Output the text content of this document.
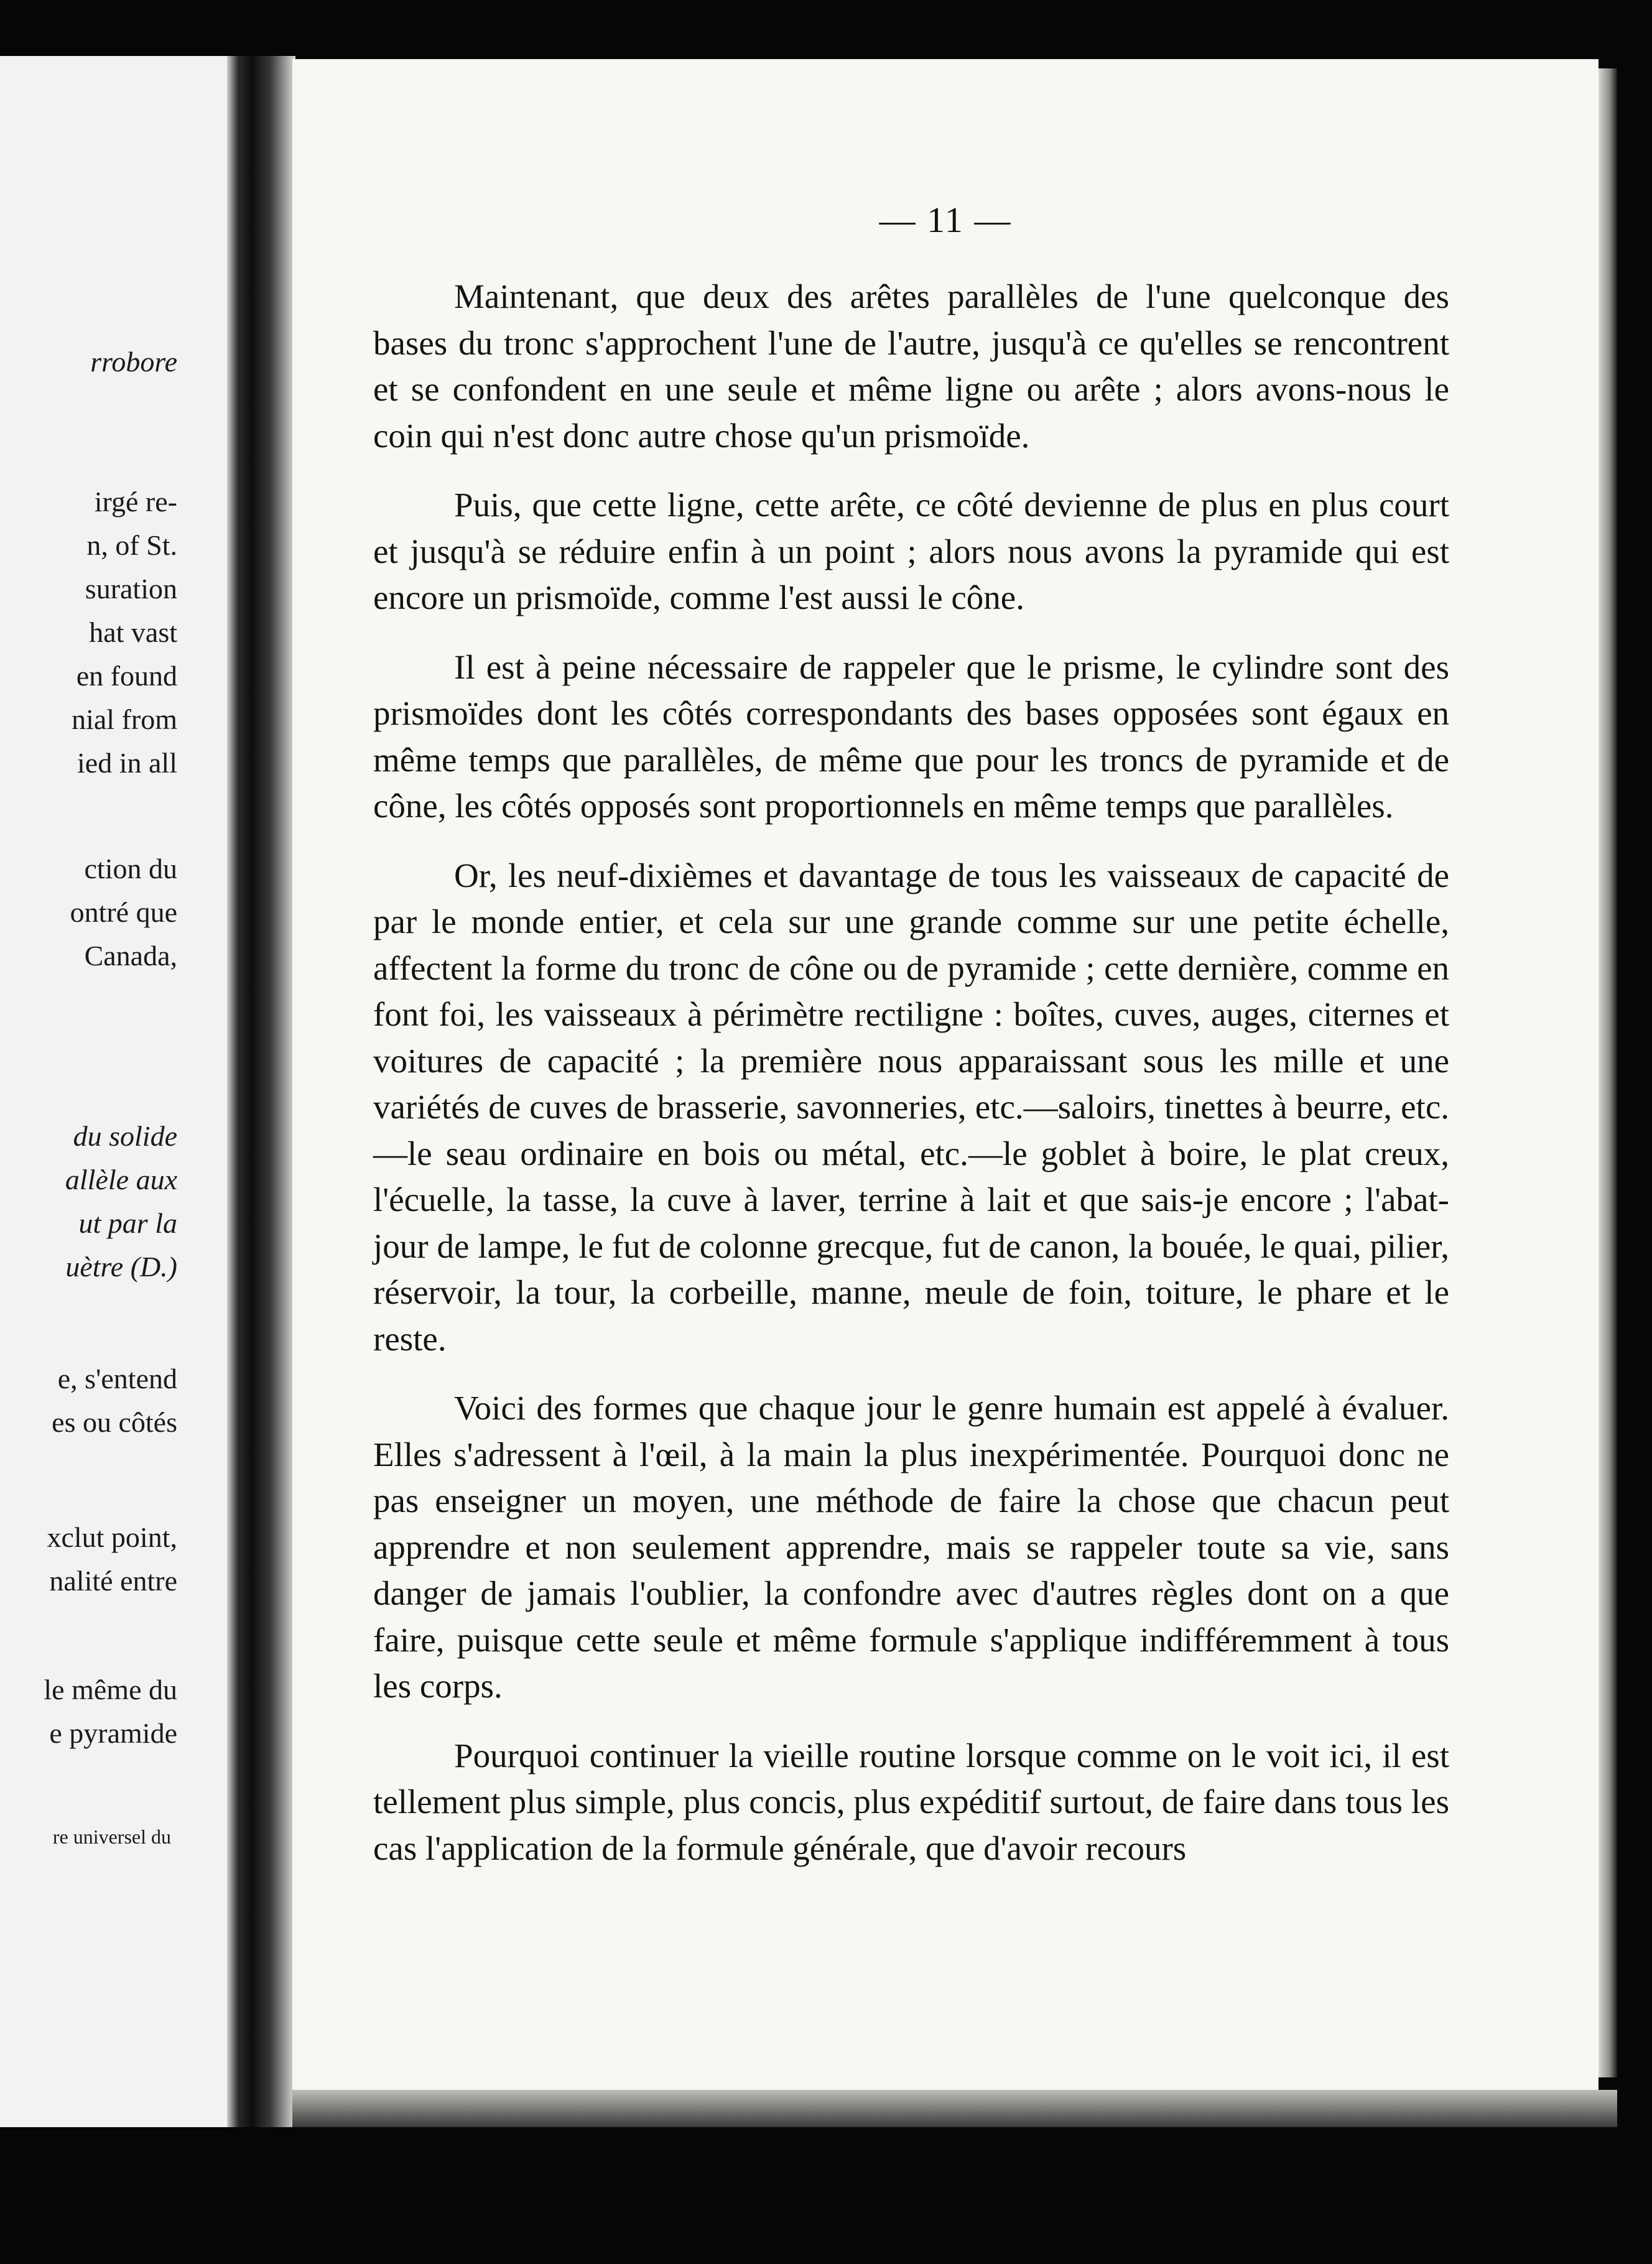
rrobore
irgé re-
n, of St.
suration
hat vast
en found
nial from
ied in all
ction du
ontré que
Canada,
du solide
allèle aux
ut par la
uètre (D.)
e, s'entend
es ou côtés
xclut point,
nalité entre
le même du
e pyramide
re universel du
— 11 —

Maintenant, que deux des arêtes parallèles de l'une quelconque des bases du tronc s'approchent l'une de l'autre, jusqu'à ce qu'elles se rencontrent et se confondent en une seule et même ligne ou arête ; alors avons-nous le coin qui n'est donc autre chose qu'un prismoïde.

Puis, que cette ligne, cette arête, ce côté devienne de plus en plus court et jusqu'à se réduire enfin à un point ; alors nous avons la pyramide qui est encore un prismoïde, comme l'est aussi le cône.

Il est à peine nécessaire de rappeler que le prisme, le cylindre sont des prismoïdes dont les côtés correspondants des bases opposées sont égaux en même temps que parallèles, de même que pour les troncs de pyramide et de cône, les côtés opposés sont proportionnels en même temps que parallèles.

Or, les neuf-dixièmes et davantage de tous les vaisseaux de capacité de par le monde entier, et cela sur une grande comme sur une petite échelle, affectent la forme du tronc de cône ou de pyramide ; cette dernière, comme en font foi, les vaisseaux à périmètre rectiligne : boîtes, cuves, auges, citernes et voitures de capacité ; la première nous apparaissant sous les mille et une variétés de cuves de brasserie, savonneries, etc.—saloirs, tinettes à beurre, etc.—le seau ordinaire en bois ou métal, etc.—le goblet à boire, le plat creux, l'écuelle, la tasse, la cuve à laver, terrine à lait et que sais-je encore ; l'abat-jour de lampe, le fut de colonne grecque, fut de canon, la bouée, le quai, pilier, réservoir, la tour, la corbeille, manne, meule de foin, toiture, le phare et le reste.

Voici des formes que chaque jour le genre humain est appelé à évaluer. Elles s'adressent à l'œil, à la main la plus inexpérimentée. Pourquoi donc ne pas enseigner un moyen, une méthode de faire la chose que chacun peut apprendre et non seulement apprendre, mais se rappeler toute sa vie, sans danger de jamais l'oublier, la confondre avec d'autres règles dont on a que faire, puisque cette seule et même formule s'applique indifféremment à tous les corps.

Pourquoi continuer la vieille routine lorsque comme on le voit ici, il est tellement plus simple, plus concis, plus expéditif surtout, de faire dans tous les cas l'application de la formule générale, que d'avoir recours
